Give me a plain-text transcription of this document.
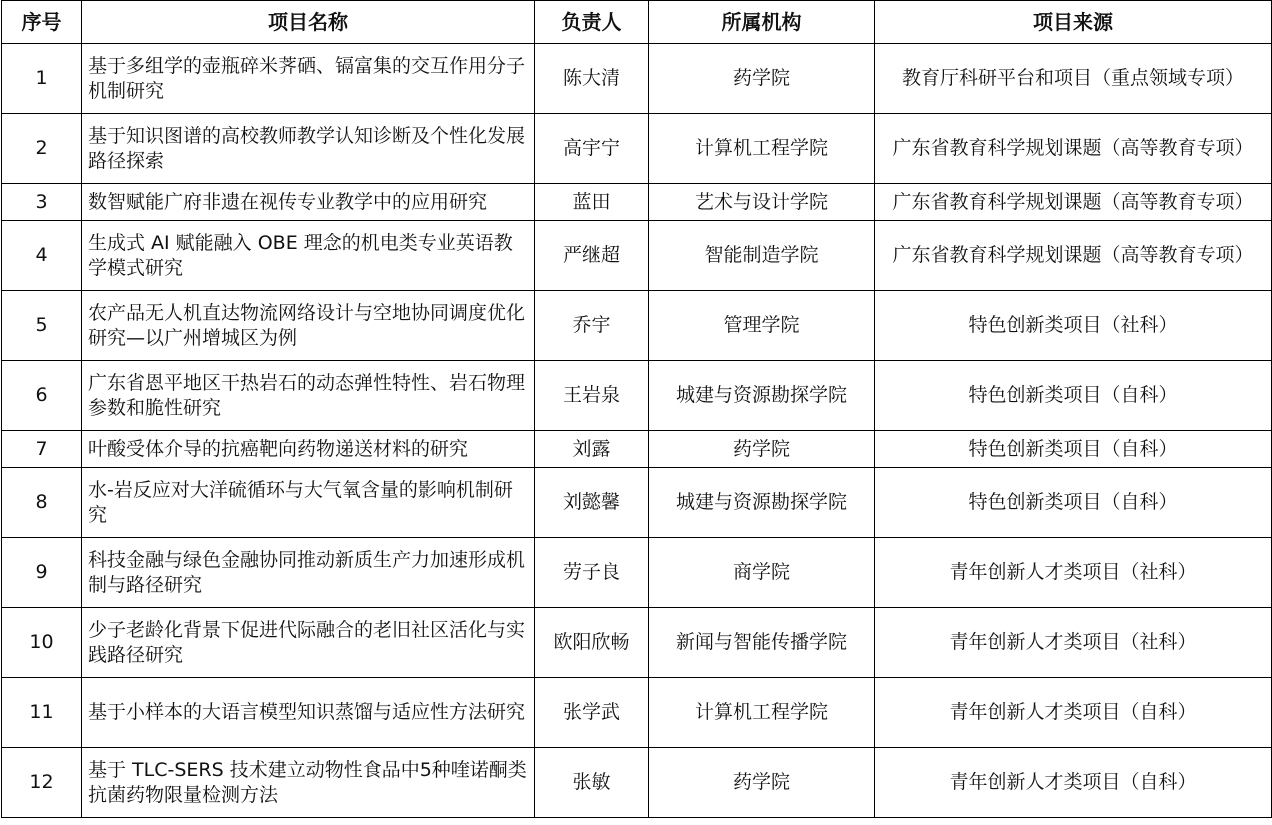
序号	项目名称	负责人	所属机构	项目来源
1	基于多组学的壶瓶碎米荠硒、镉富集的交互作用分子机制研究	陈大清	药学院	教育厅科研平台和项目（重点领域专项）
2	基于知识图谱的高校教师教学认知诊断及个性化发展路径探索	高宇宁	计算机工程学院	广东省教育科学规划课题（高等教育专项）
3	数智赋能广府非遗在视传专业教学中的应用研究	蓝田	艺术与设计学院	广东省教育科学规划课题（高等教育专项）
4	生成式 AI 赋能融入 OBE 理念的机电类专业英语教学模式研究	严继超	智能制造学院	广东省教育科学规划课题（高等教育专项）
5	农产品无人机直达物流网络设计与空地协同调度优化研究—以广州增城区为例	乔宇	管理学院	特色创新类项目（社科）
6	广东省恩平地区干热岩石的动态弹性特性、岩石物理参数和脆性研究	王岩泉	城建与资源勘探学院	特色创新类项目（自科）
7	叶酸受体介导的抗癌靶向药物递送材料的研究	刘露	药学院	特色创新类项目（自科）
8	水-岩反应对大洋硫循环与大气氧含量的影响机制研究	刘懿馨	城建与资源勘探学院	特色创新类项目（自科）
9	科技金融与绿色金融协同推动新质生产力加速形成机制与路径研究	劳子良	商学院	青年创新人才类项目（社科）
10	少子老龄化背景下促进代际融合的老旧社区活化与实践路径研究	欧阳欣畅	新闻与智能传播学院	青年创新人才类项目（社科）
11	基于小样本的大语言模型知识蒸馏与适应性方法研究	张学武	计算机工程学院	青年创新人才类项目（自科）
12	基于 TLC-SERS 技术建立动物性食品中5种喹诺酮类抗菌药物限量检测方法	张敏	药学院	青年创新人才类项目（自科）
